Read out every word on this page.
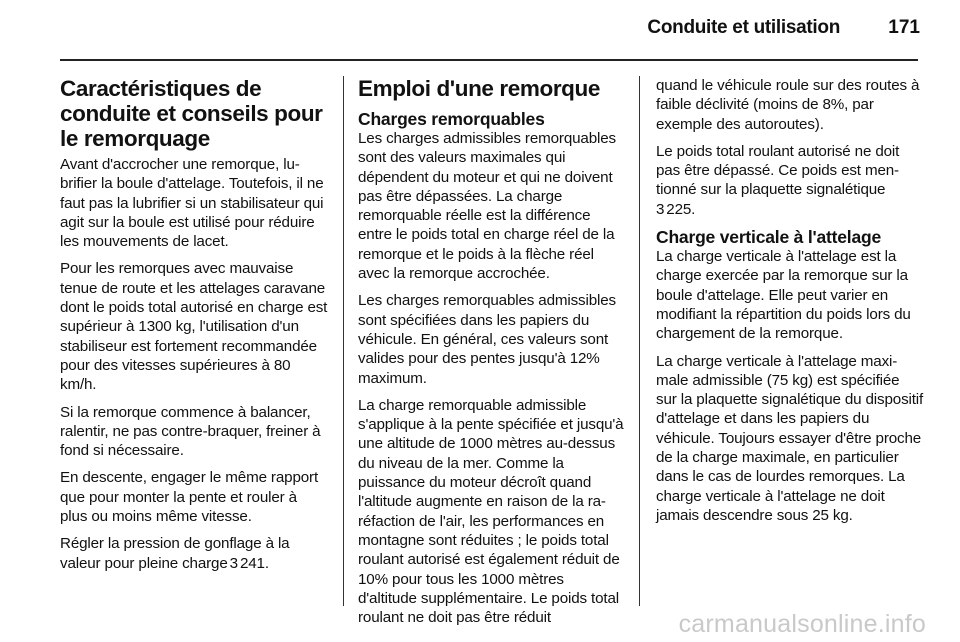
Conduite et utilisation	171
Caractéristiques de conduite et conseils pour le remorquage

Avant d'accrocher une remorque, lubrifier la boule d'attelage. Toutefois, il ne faut pas la lubrifier si un stabilisateur qui agit sur la boule est utilisé pour réduire les mouvements de lacet.

Pour les remorques avec mauvaise tenue de route et les attelages caravane dont le poids total autorisé en charge est supérieur à 1300 kg, l'utilisation d'un stabiliseur est fortement recommandée pour des vitesses supérieures à 80 km/h.

Si la remorque commence à balancer, ralentir, ne pas contre-braquer, freiner à fond si nécessaire.

En descente, engager le même rapport que pour monter la pente et rouler à plus ou moins même vitesse.

Régler la pression de gonflage à la valeur pour pleine charge 3 241.

Emploi d'une remorque
Charges remorquables

Les charges admissibles remorquables sont des valeurs maximales qui dépendent du moteur et qui ne doivent pas être dépassées. La charge remorquable réelle est la différence entre le poids total en charge réel de la remorque et le poids à la flèche réel avec la remorque accrochée.

Les charges remorquables admissibles sont spécifiées dans les papiers du véhicule. En général, ces valeurs sont valides pour des pentes jusqu'à 12% maximum.

La charge remorquable admissible s'applique à la pente spécifiée et jusqu'à une altitude de 1000 mètres au-dessus du niveau de la mer. Comme la puissance du moteur décroît quand l'altitude augmente en raison de la raréfaction de l'air, les performances en montagne sont réduites ; le poids total roulant autorisé est également réduit de 10% pour tous les 1000 mètres d'altitude supplémentaire. Le poids total roulant ne doit pas être réduit

quand le véhicule roule sur des routes à faible déclivité (moins de 8%, par exemple des autoroutes).

Le poids total roulant autorisé ne doit pas être dépassé. Ce poids est mentionné sur la plaquette signalétique
3 225.

Charge verticale à l'attelage

La charge verticale à l'attelage est la charge exercée par la remorque sur la boule d'attelage. Elle peut varier en modifiant la répartition du poids lors du chargement de la remorque.

La charge verticale à l'attelage maximale admissible (75 kg) est spécifiée sur la plaquette signalétique du dispositif d'attelage et dans les papiers du véhicule. Toujours essayer d'être proche de la charge maximale, en particulier dans le cas de lourdes remorques. La charge verticale à l'attelage ne doit jamais descendre sous 25 kg.

carmanualsonline.info
